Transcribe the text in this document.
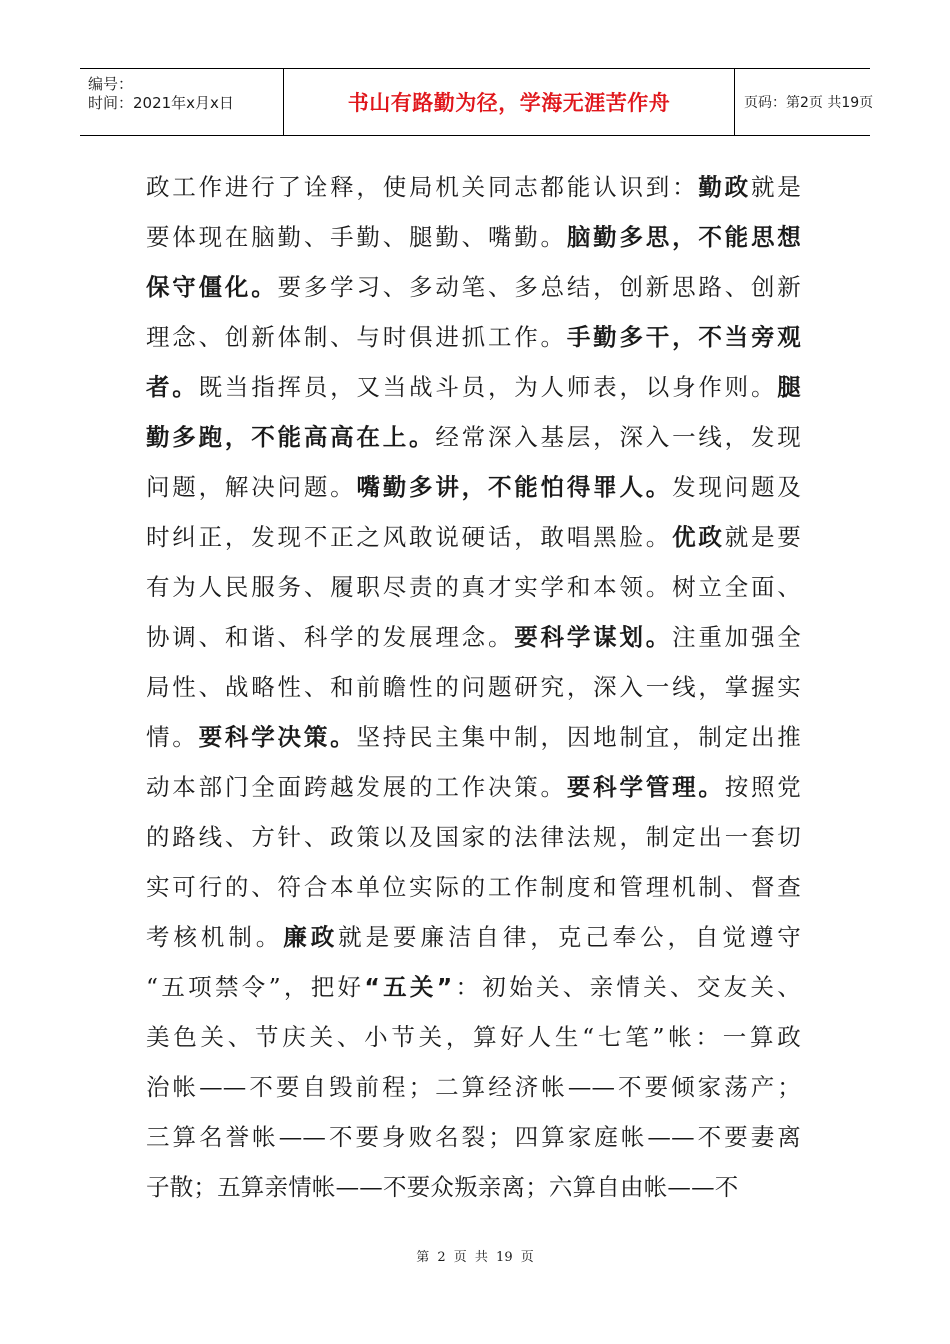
编号：
时间：2021年x月x日	书山有路勤为径，学海无涯苦作舟	页码：第2页 共19页
政工作进行了诠释，使局机关同志都能认识到：勤政就是
要体现在脑勤、手勤、腿勤、嘴勤。脑勤多思，不能思想
保守僵化。要多学习、多动笔、多总结，创新思路、创新
理念、创新体制、与时俱进抓工作。手勤多干，不当旁观
者。既当指挥员，又当战斗员，为人师表，以身作则。腿
勤多跑，不能高高在上。经常深入基层，深入一线，发现
问题，解决问题。嘴勤多讲，不能怕得罪人。发现问题及
时纠正，发现不正之风敢说硬话，敢唱黑脸。优政就是要
有为人民服务、履职尽责的真才实学和本领。树立全面、
协调、和谐、科学的发展理念。要科学谋划。注重加强全
局性、战略性、和前瞻性的问题研究，深入一线，掌握实
情。要科学决策。坚持民主集中制，因地制宜，制定出推
动本部门全面跨越发展的工作决策。要科学管理。按照党
的路线、方针、政策以及国家的法律法规，制定出一套切
实可行的、符合本单位实际的工作制度和管理机制、督查
考核机制。廉政就是要廉洁自律，克己奉公，自觉遵守
“五项禁令”，把好“五关”：初始关、亲情关、交友关、
美色关、节庆关、小节关，算好人生“七笔”帐：一算政
治帐——不要自毁前程；二算经济帐——不要倾家荡产；
三算名誉帐——不要身败名裂；四算家庭帐——不要妻离
子散；五算亲情帐——不要众叛亲离；六算自由帐——不
第 2 页 共 19 页
